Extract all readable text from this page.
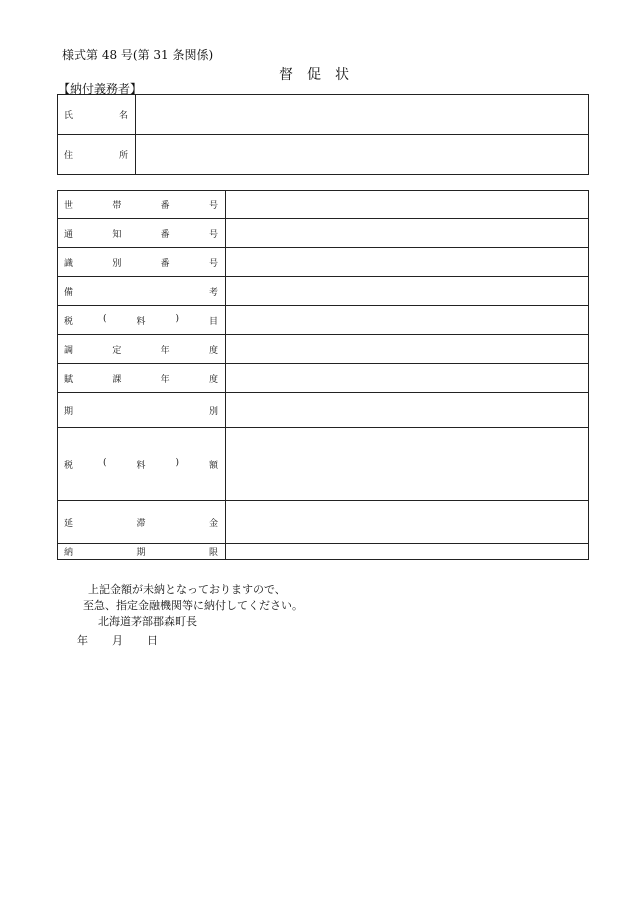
様式第 48 号(第 31 条関係)
督 促 状
【納付義務者】
氏 名	

住 所	

世 帯 番 号	

通 知 番 号	

識 別 番 号	

備 考	

税 ( 料 ) 目	

調 定 年 度	

賦 課 年 度	

期 別	

税 ( 料 ) 額	

延 滞 金	

納 期 限	

上記金額が未納となっておりますので、
至急、指定金融機関等に納付してください。
北海道茅部郡森町長
年 月 日
